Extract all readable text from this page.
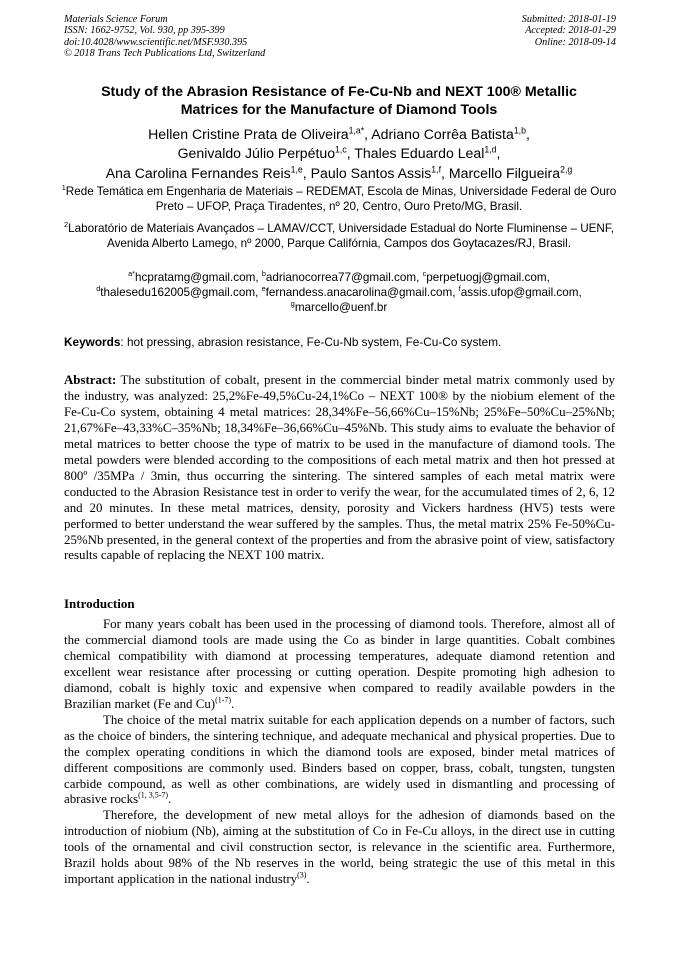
Materials Science Forum
ISSN: 1662-9752, Vol. 930, pp 395-399
doi:10.4028/www.scientific.net/MSF.930.395
© 2018 Trans Tech Publications Ltd, Switzerland
Submitted: 2018-01-19
Accepted: 2018-01-29
Online: 2018-09-14
Study of the Abrasion Resistance of Fe-Cu-Nb and NEXT 100® Metallic
Matrices for the Manufacture of Diamond Tools
Hellen Cristine Prata de Oliveira$^{1,a*}$, Adriano Corrêa Batista$^{1,b}$,
Genivaldo Júlio Perpétuo$^{1,c}$, Thales Eduardo Leal$^{1,d}$,
Ana Carolina Fernandes Reis$^{1,e}$, Paulo Santos Assis$^{1,f}$, Marcello Filgueira$^{2,g}$
$^1$Rede Temática em Engenharia de Materiais – REDEMAT, Escola de Minas, Universidade Federal de Ouro Preto – UFOP, Praça Tiradentes, nº 20, Centro, Ouro Preto/MG, Brasil.
$^2$Laboratório de Materiais Avançados – LAMAV/CCT, Universidade Estadual do Norte Fluminense – UENF, Avenida Alberto Lamego, nº 2000, Parque Califórnia, Campos dos Goytacazes/RJ, Brasil.
$^{a*}$hcpratamg@gmail.com, $^b$adrianocorrea77@gmail.com, $^c$perpetuogj@gmail.com,
$^d$thalesedu162005@gmail.com, $^e$fernandess.anacarolina@gmail.com, $^f$assis.ufop@gmail.com,
$^g$marcello@uenf.br
Keywords: hot pressing, abrasion resistance, Fe-Cu-Nb system, Fe-Cu-Co system.
Abstract: The substitution of cobalt, present in the commercial binder metal matrix commonly used by the industry, was analyzed: 25,2%Fe-49,5%Cu-24,1%Co – NEXT 100® by the niobium element of the Fe-Cu-Co system, obtaining 4 metal matrices: 28,34%Fe–56,66%Cu–15%Nb; 25%Fe–50%Cu–25%Nb; 21,67%Fe–43,33%C–35%Nb; 18,34%Fe–36,66%Cu–45%Nb. This study aims to evaluate the behavior of metal matrices to better choose the type of matrix to be used in the manufacture of diamond tools. The metal powders were blended according to the compositions of each metal matrix and then hot pressed at 800º /35MPa / 3min, thus occurring the sintering. The sintered samples of each metal matrix were conducted to the Abrasion Resistance test in order to verify the wear, for the accumulated times of 2, 6, 12 and 20 minutes. In these metal matrices, density, porosity and Vickers hardness (HV5) tests were performed to better understand the wear suffered by the samples. Thus, the metal matrix 25% Fe-50%Cu-25%Nb presented, in the general context of the properties and from the abrasive point of view, satisfactory results capable of replacing the NEXT 100 matrix.
Introduction

For many years cobalt has been used in the processing of diamond tools. Therefore, almost all of the commercial diamond tools are made using the Co as binder in large quantities. Cobalt combines chemical compatibility with diamond at processing temperatures, adequate diamond retention and excellent wear resistance after processing or cutting operation. Despite promoting high adhesion to diamond, cobalt is highly toxic and expensive when compared to readily available powders in the Brazilian market (Fe and Cu)$^{(1-7)}$.

The choice of the metal matrix suitable for each application depends on a number of factors, such as the choice of binders, the sintering technique, and adequate mechanical and physical properties. Due to the complex operating conditions in which the diamond tools are exposed, binder metal matrices of different compositions are commonly used. Binders based on copper, brass, cobalt, tungsten, tungsten carbide compound, as well as other combinations, are widely used in dismantling and processing of abrasive rocks$^{(1, 3,5-7)}$.

Therefore, the development of new metal alloys for the adhesion of diamonds based on the introduction of niobium (Nb), aiming at the substitution of Co in Fe-Cu alloys, in the direct use in cutting tools of the ornamental and civil construction sector, is relevance in the scientific area. Furthermore, Brazil holds about 98% of the Nb reserves in the world, being strategic the use of this metal in this important application in the national industry$^{(3)}$.
